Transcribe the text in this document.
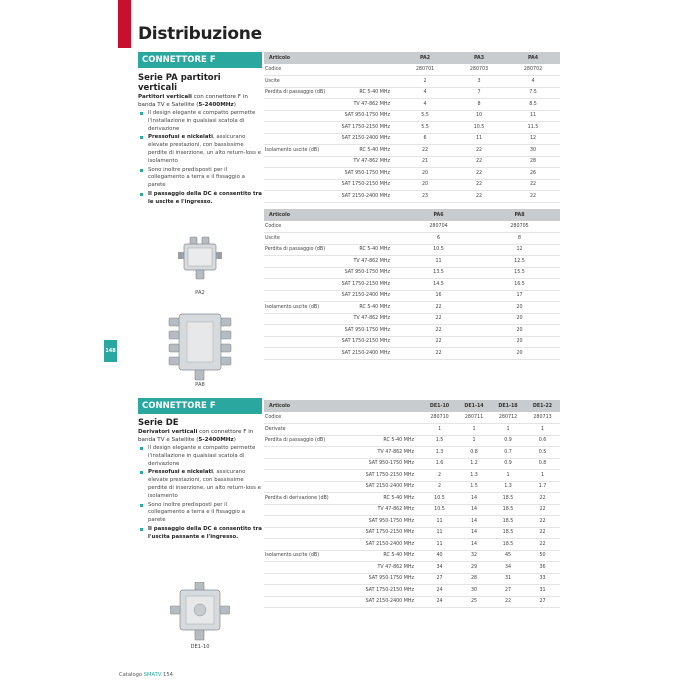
Distribuzione
148
CONNETTORE F
Serie PA partitori verticali
Partitori verticali con connettore F in banda TV e Satellite (5-2400MHz)
Il design elegante e compatto permette l'installazione in qualsiasi scatola di derivazione
Pressofusi e nickelati, assicurano elevate prestazioni, con bassissime perdite di inserzione, un alto return-loss e isolamento
Sono inoltre predisposti per il collegamento a terra e il fissaggio a parete
Il passaggio della DC è consentito tra le uscite e l'ingresso.
PA2
PA8
Articolo		PA2	PA3	PA4
Codice		280701	280703	280702
Uscite		2	3	4
Perdita di passaggio (dB)	RC 5-40 MHz	4	7	7.5
	TV 47-862 MHz	4	8	8.5
	SAT 950-1750 MHz	5.5	10	11
	SAT 1750-2150 MHz	5.5	10.5	11.5
	SAT 2150-2400 MHz	6	11	12
Isolamento uscite (dB)	RC 5-40 MHz	22	22	30
	TV 47-862 MHz	21	22	28
	SAT 950-1750 MHz	20	22	26
	SAT 1750-2150 MHz	20	22	22
	SAT 2150-2400 MHz	23	22	22
Articolo		PA6	PA8
Codice		280704	280705
Uscite		6	8
Perdita di passaggio (dB)	RC 5-40 MHz	10.5	12
	TV 47-862 MHz	11	12.5
	SAT 950-1750 MHz	13.5	15.5
	SAT 1750-2150 MHz	14.5	16.5
	SAT 2150-2400 MHz	16	17
Isolamento uscite (dB)	RC 5-40 MHz	22	20
	TV 47-862 MHz	22	20
	SAT 950-1750 MHz	22	20
	SAT 1750-2150 MHz	22	20
	SAT 2150-2400 MHz	22	20
CONNETTORE F
Serie DE
Derivatori verticali con connettore F in banda TV e Satellite (5-2400MHz)
Il design elegante e compatto permette l'installazione in qualsiasi scatola di derivazione
Pressofusi e nickelati, assicurano elevate prestazioni, con bassissime perdite di inserzione, un alto return-loss e isolamento
Sono inoltre predisposti per il collegamento a terra e il fissaggio a parete
Il passaggio della DC è consentito tra l'uscita passante e l'ingresso.
DE1-10
Articolo		DE1-10	DE1-14	DE1-18	DE1-22
Codice		280710	280711	280712	280713
Derivate		1	1	1	1
Perdita di passaggio (dB)	RC 5-40 MHz	1.5	1	0.9	0.6
	TV 47-862 MHz	1.3	0.8	0.7	0.5
	SAT 950-1750 MHz	1.6	1.2	0.9	0.8
	SAT 1750-2150 MHz	2	1.3	1	1
	SAT 2150-2400 MHz	2	1.5	1.3	1.7
Perdita di derivazione (dB)	RC 5-40 MHz	10.5	14	18.5	22
	TV 47-862 MHz	10.5	14	18.5	22
	SAT 950-1750 MHz	11	14	18.5	22
	SAT 1750-2150 MHz	11	14	18.5	22
	SAT 2150-2400 MHz	11	14	18.5	22
Isolamento uscite (dB)	RC 5-40 MHz	40	32	45	50
	TV 47-862 MHz	34	29	34	36
	SAT 950-1750 MHz	27	28	31	33
	SAT 1750-2150 MHz	24	30	27	31
	SAT 2150-2400 MHz	24	25	22	27
Catalogo SMATV 154
